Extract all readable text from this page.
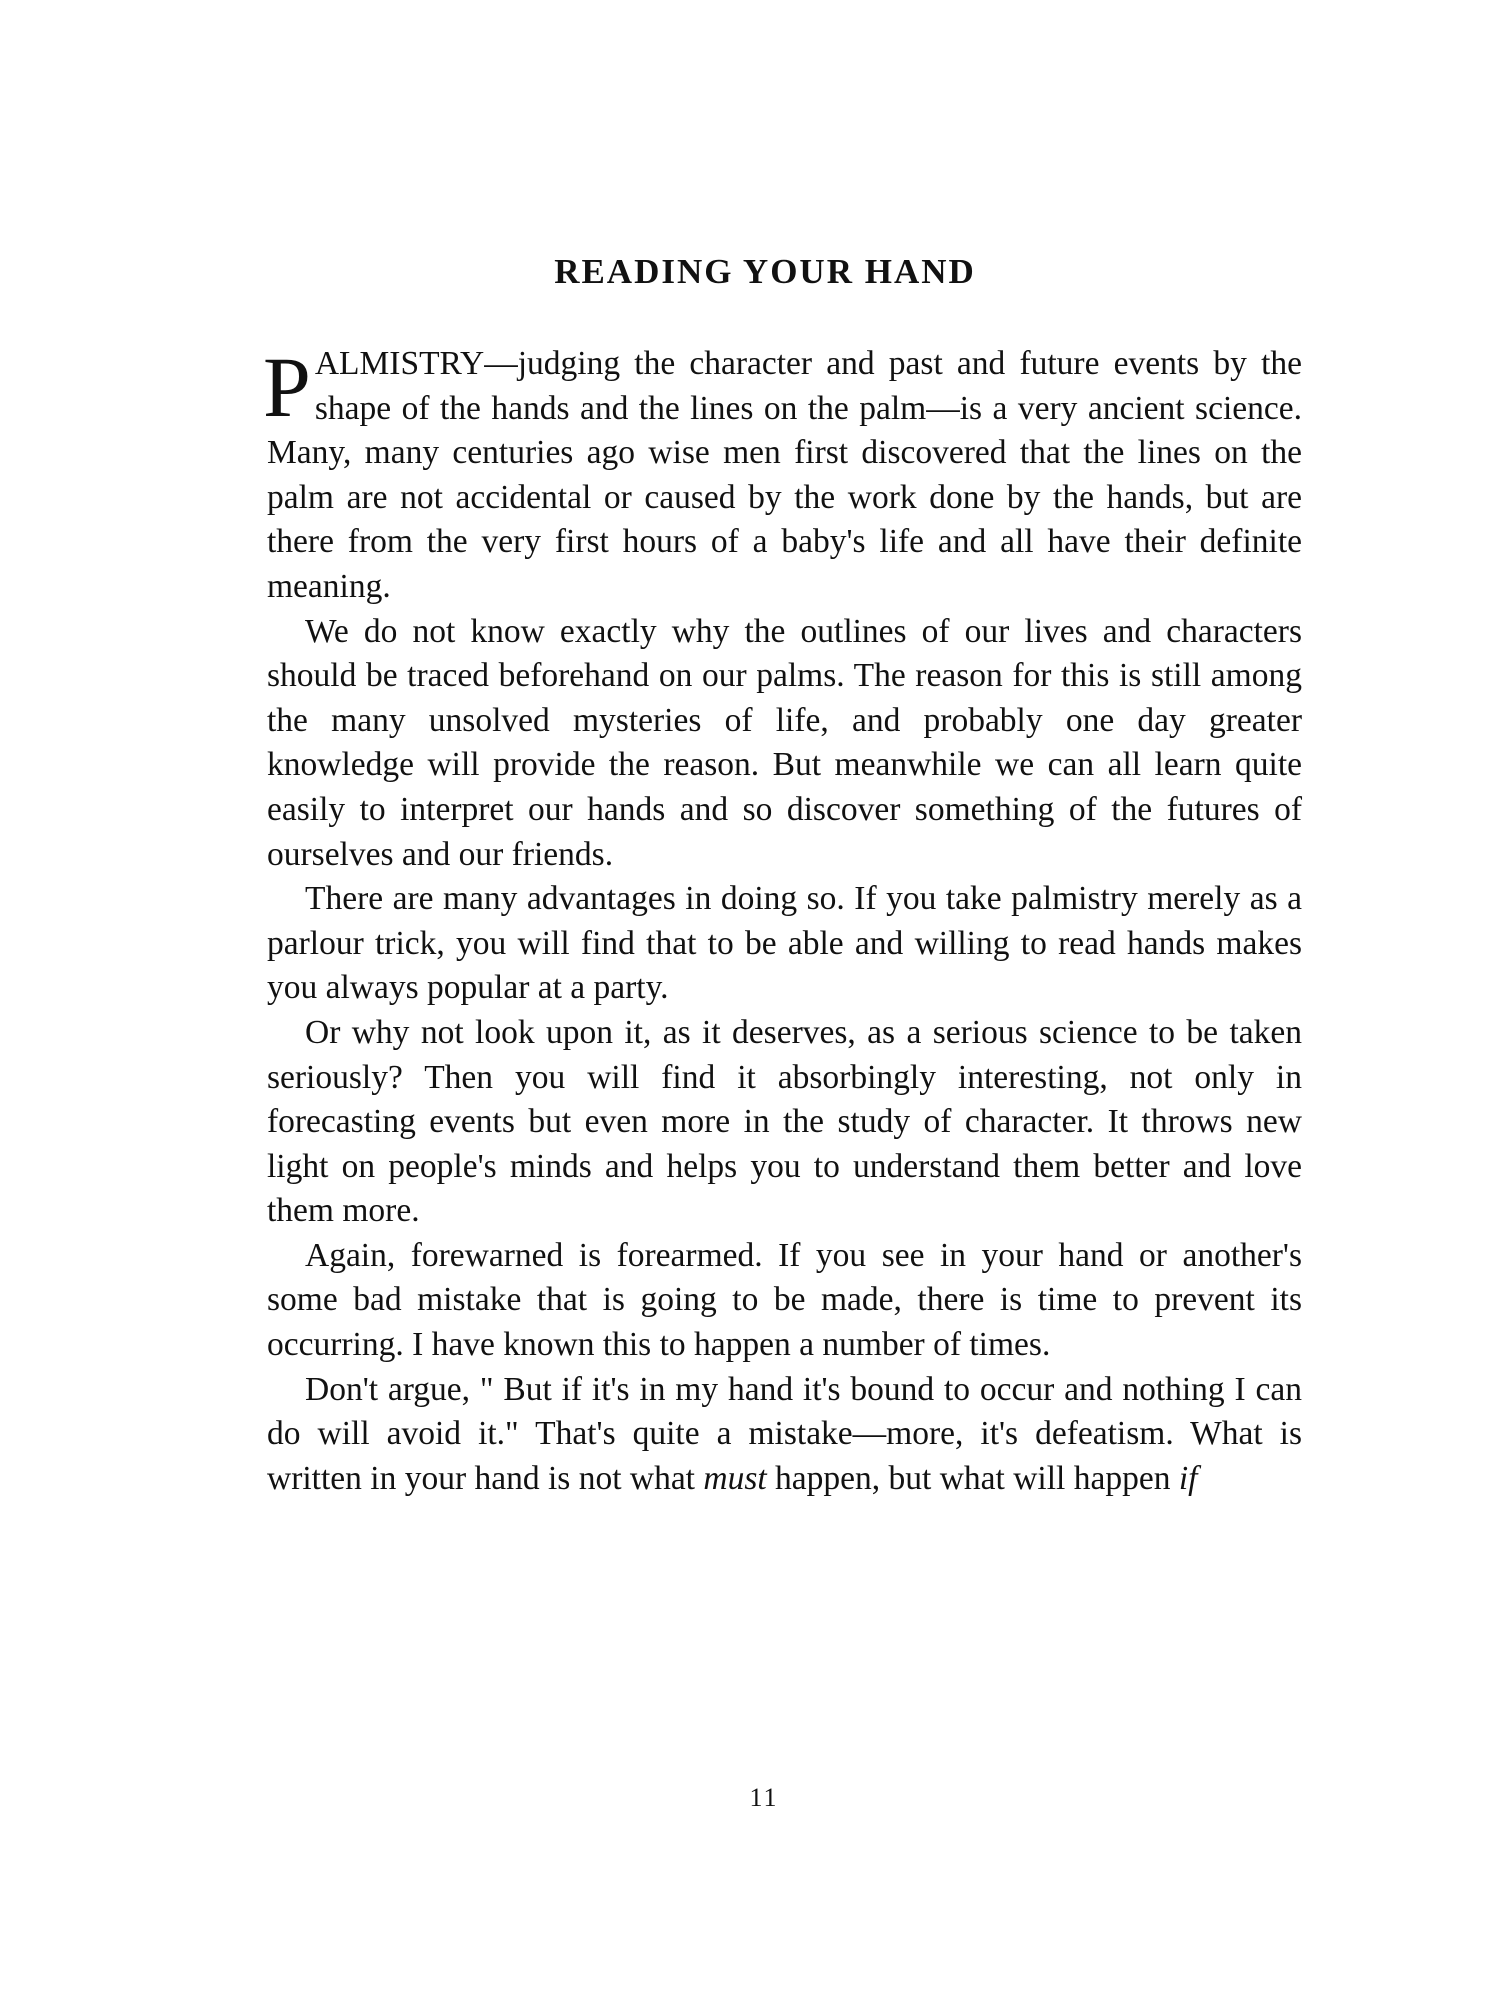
READING YOUR HAND

PALMISTRY—judging the character and past and future events by the shape of the hands and the lines on the palm—is a very ancient science. Many, many centuries ago wise men first discovered that the lines on the palm are not accidental or caused by the work done by the hands, but are there from the very first hours of a baby's life and all have their definite meaning.

We do not know exactly why the outlines of our lives and characters should be traced beforehand on our palms. The reason for this is still among the many unsolved mysteries of life, and probably one day greater knowledge will provide the reason. But meanwhile we can all learn quite easily to interpret our hands and so discover something of the futures of ourselves and our friends.

There are many advantages in doing so. If you take palmistry merely as a parlour trick, you will find that to be able and willing to read hands makes you always popular at a party.

Or why not look upon it, as it deserves, as a serious science to be taken seriously? Then you will find it absorbingly interesting, not only in forecasting events but even more in the study of character. It throws new light on people's minds and helps you to understand them better and love them more.

Again, forewarned is forearmed. If you see in your hand or another's some bad mistake that is going to be made, there is time to prevent its occurring. I have known this to happen a number of times.

Don't argue, " But if it's in my hand it's bound to occur and nothing I can do will avoid it." That's quite a mistake—more, it's defeatism. What is written in your hand is not what must happen, but what will happen if

11
